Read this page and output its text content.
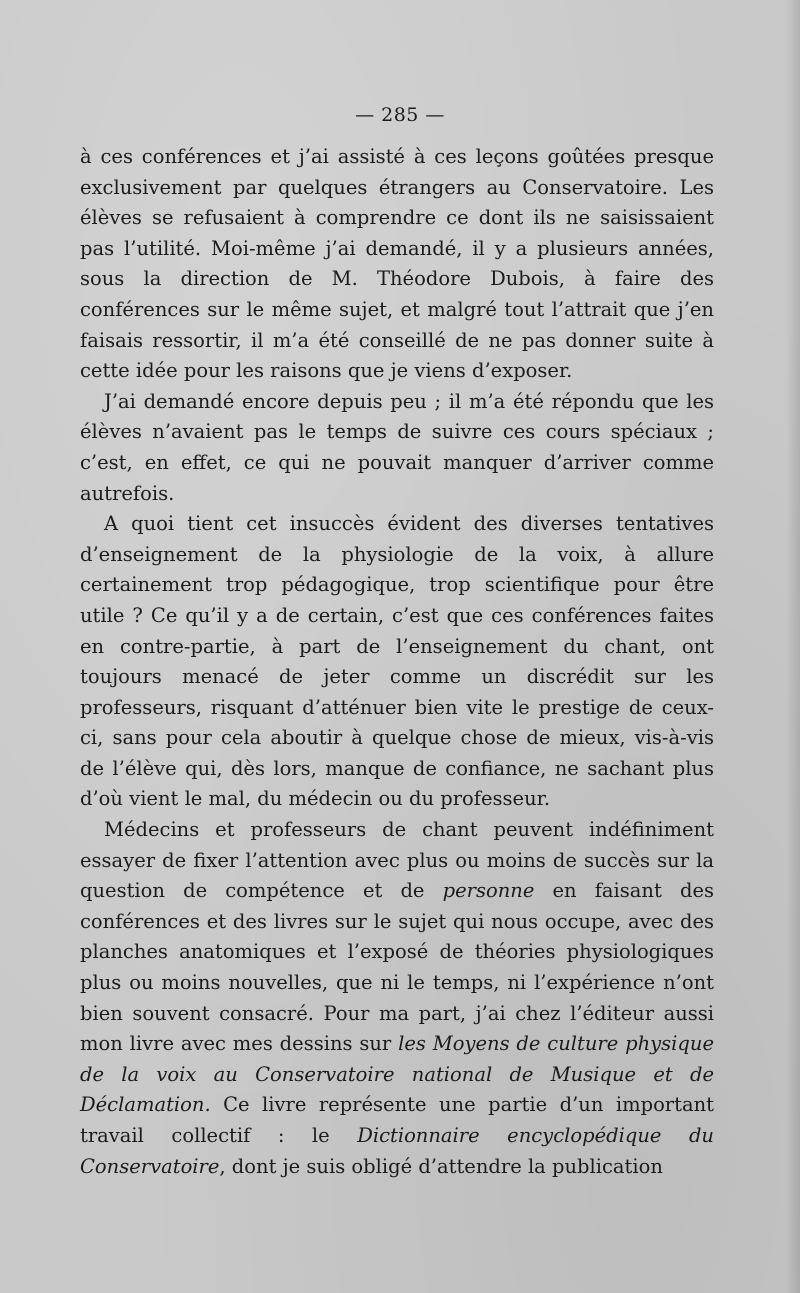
— 285 —

à ces conférences et j’ai assisté à ces leçons goûtées presque exclusivement par quelques étrangers au Conservatoire. Les élèves se refusaient à comprendre ce dont ils ne saisissaient pas l’utilité. Moi-même j’ai demandé, il y a plusieurs années, sous la direction de M. Théodore Dubois, à faire des conférences sur le même sujet, et malgré tout l’attrait que j’en faisais ressortir, il m’a été conseillé de ne pas donner suite à cette idée pour les raisons que je viens d’exposer.

J’ai demandé encore depuis peu ; il m’a été répondu que les élèves n’avaient pas le temps de suivre ces cours spéciaux ; c’est, en effet, ce qui ne pouvait manquer d’arriver comme autrefois.

A quoi tient cet insuccès évident des diverses tentatives d’enseignement de la physiologie de la voix, à allure certainement trop pédagogique, trop scientifique pour être utile ? Ce qu’il y a de certain, c’est que ces conférences faites en contre-partie, à part de l’enseignement du chant, ont toujours menacé de jeter comme un discrédit sur les professeurs, risquant d’atténuer bien vite le prestige de ceux-ci, sans pour cela aboutir à quelque chose de mieux, vis-à-vis de l’élève qui, dès lors, manque de confiance, ne sachant plus d’où vient le mal, du médecin ou du professeur.

Médecins et professeurs de chant peuvent indéfiniment essayer de fixer l’attention avec plus ou moins de succès sur la question de compétence et de personne en faisant des conférences et des livres sur le sujet qui nous occupe, avec des planches anatomiques et l’exposé de théories physiologiques plus ou moins nouvelles, que ni le temps, ni l’expérience n’ont bien souvent consacré. Pour ma part, j’ai chez l’éditeur aussi mon livre avec mes dessins sur les Moyens de culture physique de la voix au Conservatoire national de Musique et de Déclamation. Ce livre représente une partie d’un important travail collectif : le Dictionnaire encyclopédique du Conservatoire, dont je suis obligé d’attendre la publication
